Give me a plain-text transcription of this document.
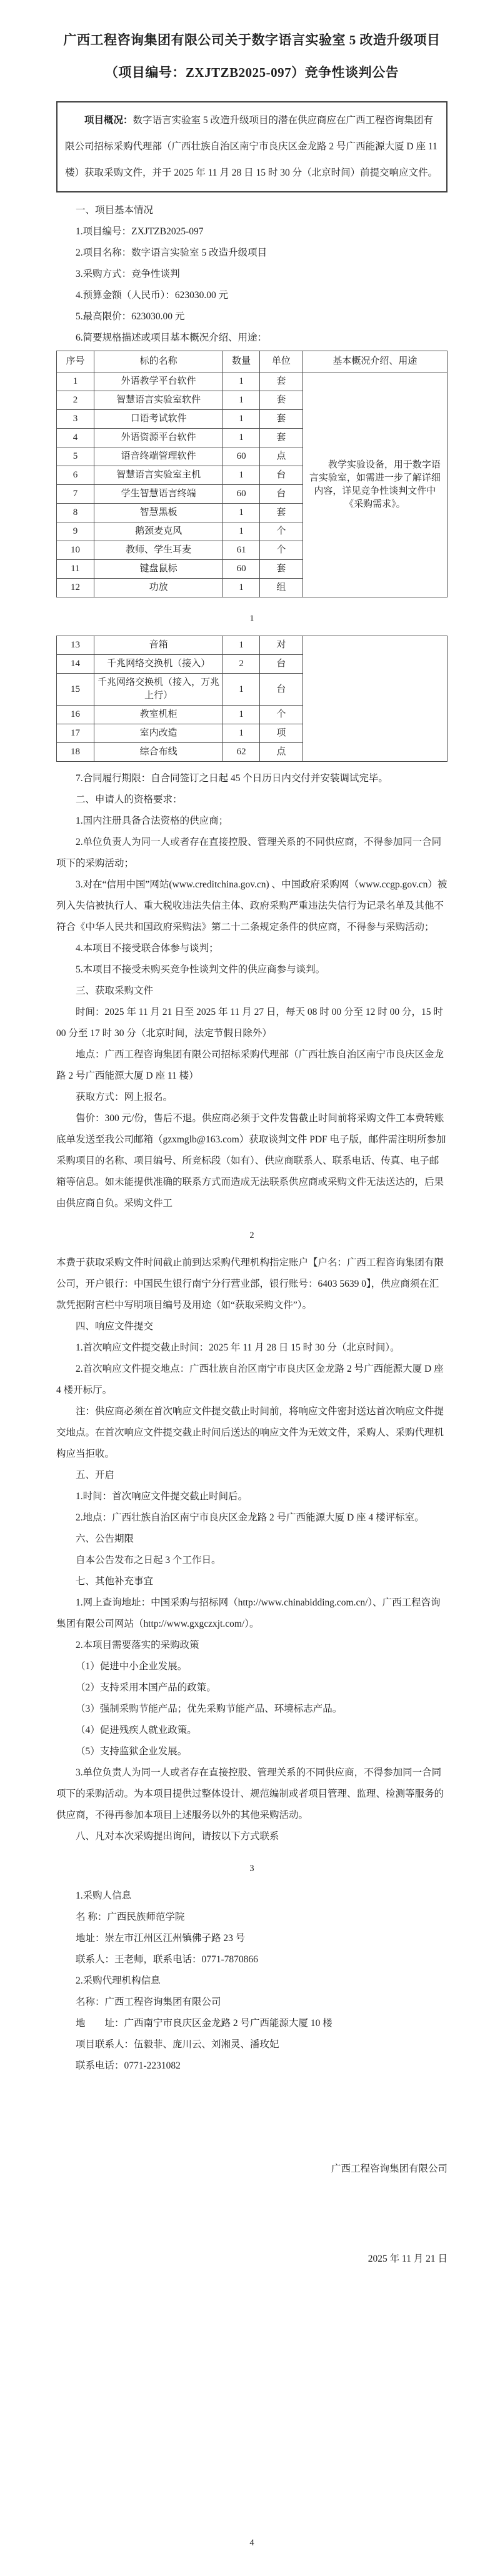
广西工程咨询集团有限公司关于数字语言实验室 5 改造升级项目
（项目编号：ZXJTZB2025-097）竞争性谈判公告

项目概况：数字语言实验室 5 改造升级项目的潜在供应商应在广西工程咨询集团有限公司招标采购代理部（广西壮族自治区南宁市良庆区金龙路 2 号广西能源大厦 D 座 11 楼）获取采购文件，并于 2025 年 11 月 28 日 15 时 30 分（北京时间）前提交响应文件。

一、项目基本情况

1.项目编号：ZXJTZB2025-097

2.项目名称：数字语言实验室 5 改造升级项目

3.采购方式：竞争性谈判

4.预算金额（人民币）：623030.00 元

5.最高限价：623030.00 元

6.简要规格描述或项目基本概况介绍、用途：

序号	标的名称	数量	单位	基本概况介绍、用途
1	外语教学平台软件	1	套	教学实验设备，用于数字语言实验室，如需进一步了解详细内容，详见竞争性谈判文件中《采购需求》。
2	智慧语言实验室软件	1	套	
3	口语考试软件	1	套	
4	外语资源平台软件	1	套	
5	语音终端管理软件	60	点	
6	智慧语言实验室主机	1	台	
7	学生智慧语言终端	60	台	
8	智慧黑板	1	套	
9	鹅颈麦克风	1	个	
10	教师、学生耳麦	61	个	
11	键盘鼠标	60	套	
12	功放	1	组	
1
13	音箱	1	对	
14	千兆网络交换机（接入）	2	台	
15	千兆网络交换机（接入，万兆上行）	1	台	
16	教室机柜	1	个	
17	室内改造	1	项	
18	综合布线	62	点	

7.合同履行期限：自合同签订之日起 45 个日历日内交付并安装调试完毕。

二、申请人的资格要求：

1.国内注册具备合法资格的供应商；

2.单位负责人为同一人或者存在直接控股、管理关系的不同供应商，不得参加同一合同项下的采购活动；

3.对在“信用中国”网站(www.creditchina.gov.cn) 、中国政府采购网（www.ccgp.gov.cn）被列入失信被执行人、重大税收违法失信主体、政府采购严重违法失信行为记录名单及其他不符合《中华人民共和国政府采购法》第二十二条规定条件的供应商，不得参与采购活动；

4.本项目不接受联合体参与谈判；

5.本项目不接受未购买竞争性谈判文件的供应商参与谈判。

三、获取采购文件

时间：2025 年 11 月 21 日至 2025 年 11 月 27 日，每天 08 时 00 分至 12 时 00 分，15 时 00 分至 17 时 30 分（北京时间，法定节假日除外）

地点：广西工程咨询集团有限公司招标采购代理部（广西壮族自治区南宁市良庆区金龙路 2 号广西能源大厦 D 座 11 楼）

获取方式：网上报名。

售价：300 元/份，售后不退。供应商必须于文件发售截止时间前将采购文件工本费转账底单发送至我公司邮箱（gzxmglb@163.com）获取谈判文件 PDF 电子版，邮件需注明所参加采购项目的名称、项目编号、所竞标段（如有）、供应商联系人、联系电话、传真、电子邮箱等信息。如未能提供准确的联系方式而造成无法联系供应商或采购文件无法送达的，后果由供应商自负。采购文件工

2

本费于获取采购文件时间截止前到达采购代理机构指定账户【户名：广西工程咨询集团有限公司，开户银行：中国民生银行南宁分行营业部，银行账号：6403 5639 0】，供应商须在汇款凭据附言栏中写明项目编号及用途（如“获取采购文件”）。

四、响应文件提交

1.首次响应文件提交截止时间：2025 年 11 月 28 日 15 时 30 分（北京时间）。

2.首次响应文件提交地点：广西壮族自治区南宁市良庆区金龙路 2 号广西能源大厦 D 座 4 楼开标厅。

注：供应商必须在首次响应文件提交截止时间前，将响应文件密封送达首次响应文件提交地点。在首次响应文件提交截止时间后送达的响应文件为无效文件，采购人、采购代理机构应当拒收。

五、开启

1.时间：首次响应文件提交截止时间后。

2.地点：广西壮族自治区南宁市良庆区金龙路 2 号广西能源大厦 D 座 4 楼评标室。

六、公告期限

自本公告发布之日起 3 个工作日。

七、其他补充事宜

1.网上查询地址：中国采购与招标网（http://www.chinabidding.com.cn/）、广西工程咨询集团有限公司网站（http://www.gxgczxjt.com/）。

2.本项目需要落实的采购政策

（1）促进中小企业发展。

（2）支持采用本国产品的政策。

（3）强制采购节能产品；优先采购节能产品、环境标志产品。

（4）促进残疾人就业政策。

（5）支持监狱企业发展。

3.单位负责人为同一人或者存在直接控股、管理关系的不同供应商，不得参加同一合同项下的采购活动。为本项目提供过整体设计、规范编制或者项目管理、监理、检测等服务的供应商，不得再参加本项目上述服务以外的其他采购活动。

八、凡对本次采购提出询问，请按以下方式联系

3

1.采购人信息

名 称：广西民族师范学院

地址：崇左市江州区江州镇佛子路 23 号

联系人：王老师，联系电话：0771-7870866

2.采购代理机构信息

名称：广西工程咨询集团有限公司

地        址：广西南宁市良庆区金龙路 2 号广西能源大厦 10 楼

项目联系人：伍毅菲、庞川云、刘湘灵、潘玫妃

联系电话：0771-2231082

广西工程咨询集团有限公司

2025 年 11 月 21 日

4
